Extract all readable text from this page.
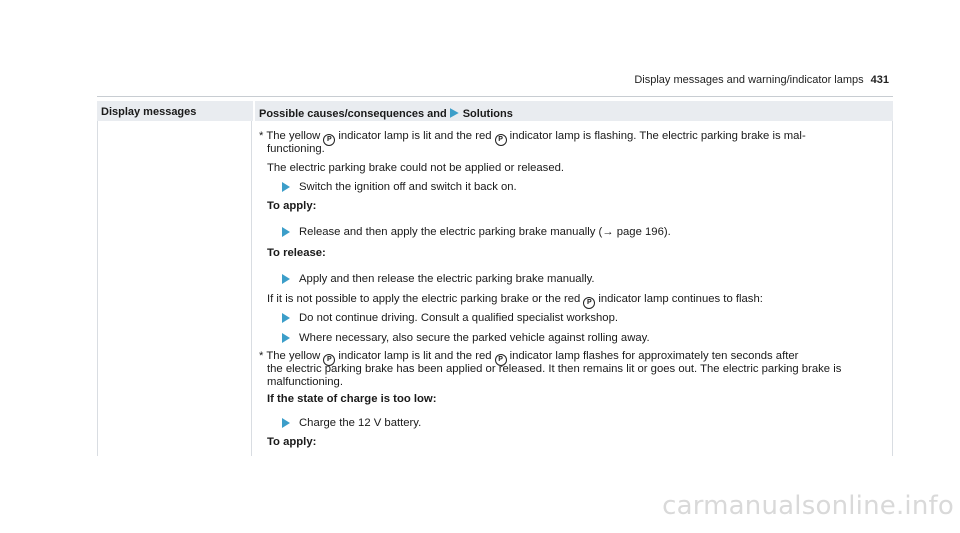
Display messages and warning/indicator lamps 431
Display messages	Possible causes/consequences and Solutions
* The yellow P indicator lamp is lit and the red P indicator lamp is flashing. The electric parking brake is mal-
functioning.
The electric parking brake could not be applied or released.
Switch the ignition off and switch it back on.
To apply:
Release and then apply the electric parking brake manually (→ page 196).
To release:
Apply and then release the electric parking brake manually.
If it is not possible to apply the electric parking brake or the red P indicator lamp continues to flash:
Do not continue driving. Consult a qualified specialist workshop.
Where necessary, also secure the parked vehicle against rolling away.
* The yellow P indicator lamp is lit and the red P indicator lamp flashes for approximately ten seconds after
the electric parking brake has been applied or released. It then remains lit or goes out. The electric parking brake is
malfunctioning.
If the state of charge is too low:
Charge the 12 V battery.
To apply:
carmanualsonline.info
